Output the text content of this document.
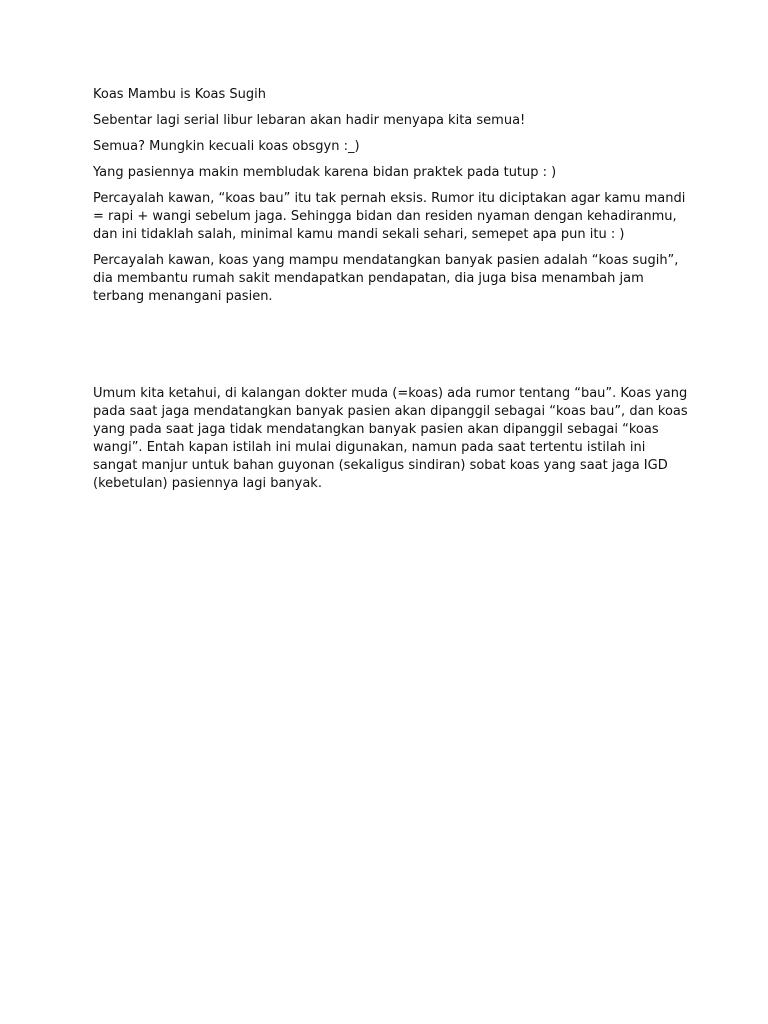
Koas Mambu is Koas Sugih

Sebentar lagi serial libur lebaran akan hadir menyapa kita semua!

Semua? Mungkin kecuali koas obsgyn :_)

Yang pasiennya makin membludak karena bidan praktek pada tutup : )

Percayalah kawan, “koas bau” itu tak pernah eksis. Rumor itu diciptakan agar kamu mandi = rapi + wangi sebelum jaga. Sehingga bidan dan residen nyaman dengan kehadiranmu, dan ini tidaklah salah, minimal kamu mandi sekali sehari, semepet apa pun itu : )

Percayalah kawan, koas yang mampu mendatangkan banyak pasien adalah “koas sugih”, dia membantu rumah sakit mendapatkan pendapatan, dia juga bisa menambah jam terbang menangani pasien.

Umum kita ketahui, di kalangan dokter muda (=koas) ada rumor tentang “bau”. Koas yang pada saat jaga mendatangkan banyak pasien akan dipanggil sebagai “koas bau”, dan koas yang pada saat jaga tidak mendatangkan banyak pasien akan dipanggil sebagai “koas wangi”. Entah kapan istilah ini mulai digunakan, namun pada saat tertentu istilah ini sangat manjur untuk bahan guyonan (sekaligus sindiran) sobat koas yang saat jaga IGD (kebetulan) pasiennya lagi banyak.
